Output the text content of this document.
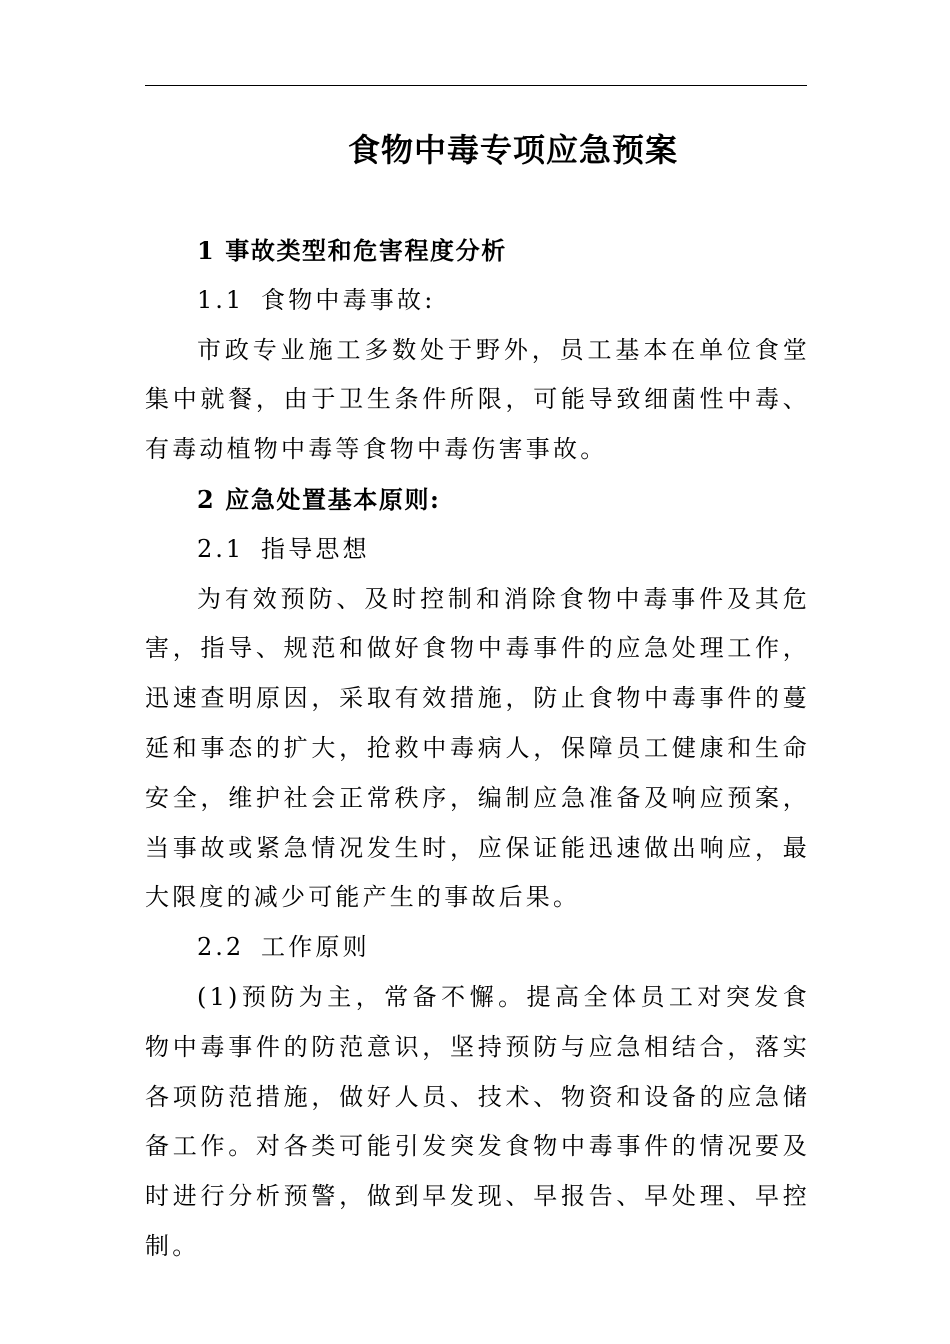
食物中毒专项应急预案

1 事故类型和危害程度分析

1.1 食物中毒事故:

市政专业施工多数处于野外，员工基本在单位食堂集中就餐，由于卫生条件所限，可能导致细菌性中毒、有毒动植物中毒等食物中毒伤害事故。

2 应急处置基本原则:

2.1 指导思想

为有效预防、及时控制和消除食物中毒事件及其危害，指导、规范和做好食物中毒事件的应急处理工作，迅速查明原因，采取有效措施，防止食物中毒事件的蔓延和事态的扩大，抢救中毒病人，保障员工健康和生命安全，维护社会正常秩序，编制应急准备及响应预案，当事故或紧急情况发生时，应保证能迅速做出响应，最大限度的减少可能产生的事故后果。

2.2 工作原则

(1)预防为主，常备不懈。提高全体员工对突发食物中毒事件的防范意识，坚持预防与应急相结合，落实各项防范措施，做好人员、技术、物资和设备的应急储备工作。对各类可能引发突发食物中毒事件的情况要及时进行分析预警，做到早发现、早报告、早处理、早控制。
